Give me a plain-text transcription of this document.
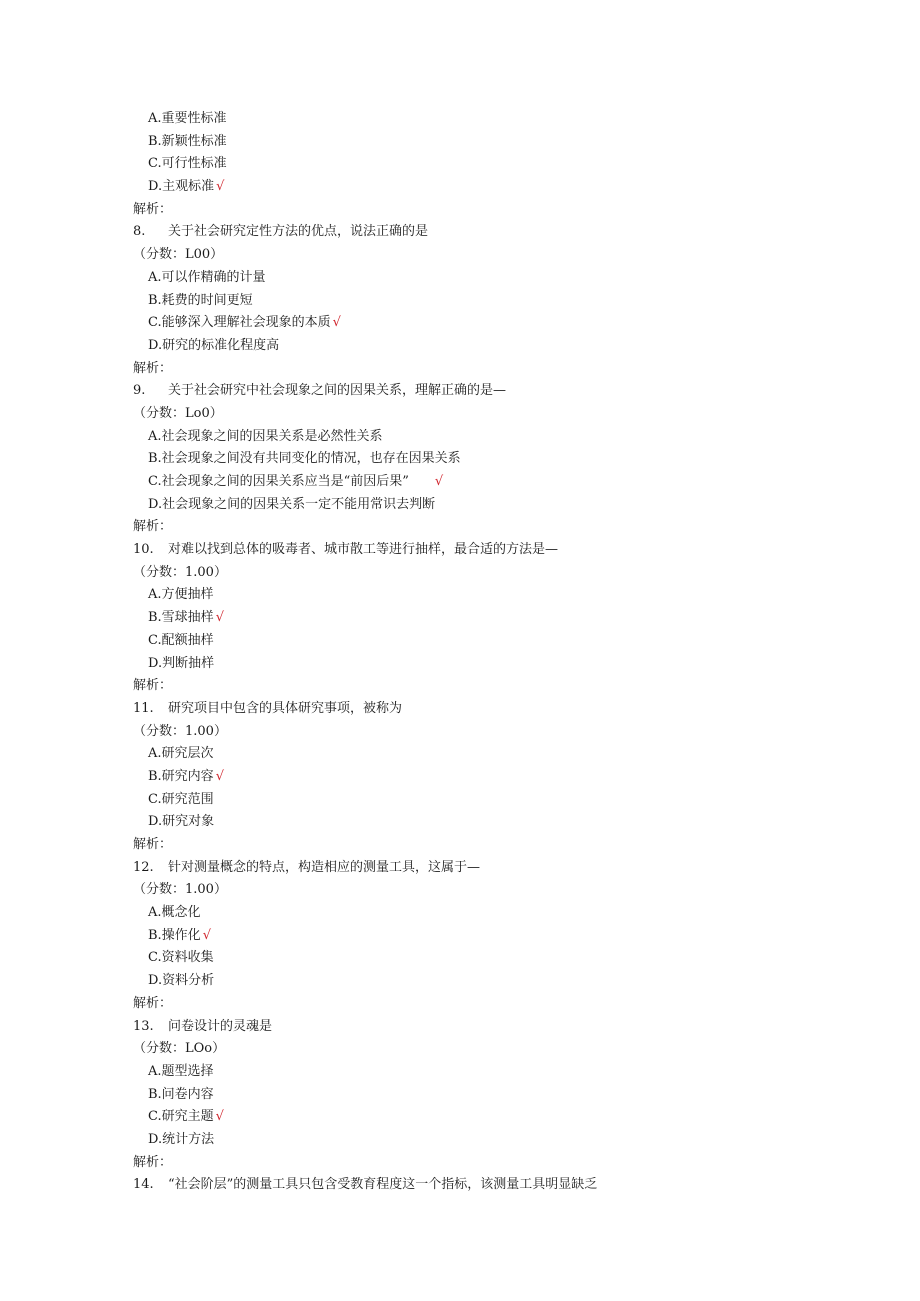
A.重要性标准
B.新颖性标准
C.可行性标准
D.主观标准 √
解析：
8.	关于社会研究定性方法的优点，说法正确的是
（分数：L00）
A.可以作精确的计量
B.耗费的时间更短
C.能够深入理解社会现象的本质 √
D.研究的标准化程度高
解析：
9.	关于社会研究中社会现象之间的因果关系，理解正确的是—
（分数：Lo0）
A.社会现象之间的因果关系是必然性关系
B.社会现象之间没有共同变化的情况，也存在因果关系
C.社会现象之间的因果关系应当是“前因后果” √
D.社会现象之间的因果关系一定不能用常识去判断
解析：
10.	对难以找到总体的吸毒者、城市散工等进行抽样，最合适的方法是—
（分数：1.00）
A.方便抽样
B.雪球抽样 √
C.配额抽样
D.判断抽样
解析：
11.	研究项目中包含的具体研究事项，被称为
（分数：1.00）
A.研究层次
B.研究内容 √
C.研究范围
D.研究对象
解析：
12.	针对测量概念的特点，构造相应的测量工具，这属于—
（分数：1.00）
A.概念化
B.操作化 √
C.资料收集
D.资料分析
解析：
13.	问卷设计的灵魂是
（分数：LOo）
A.题型选择
B.问卷内容
C.研究主题 √
D.统计方法
解析：
14.	“社会阶层”的测量工具只包含受教育程度这一个指标，该测量工具明显缺乏
